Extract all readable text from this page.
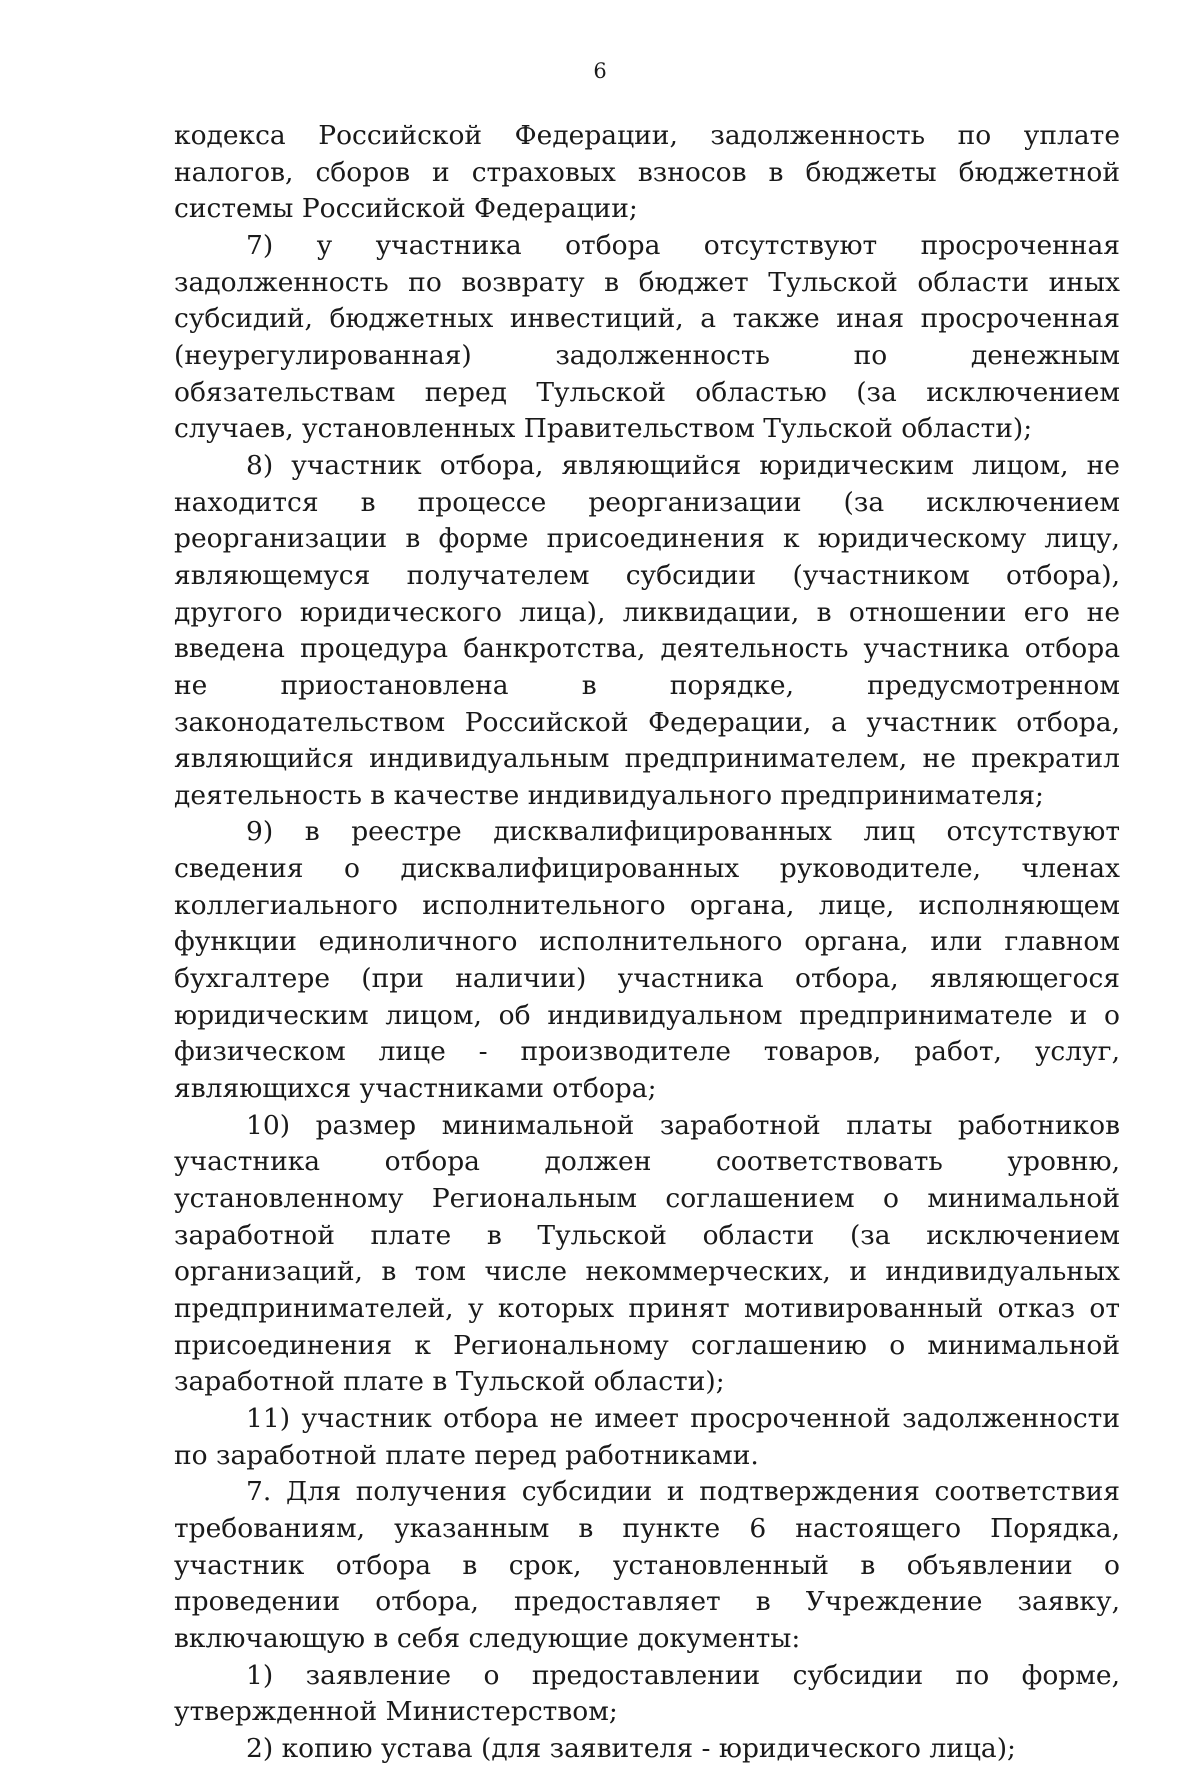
6

кодекса Российской Федерации, задолженность по уплате налогов, сборов и страховых взносов в бюджеты бюджетной системы Российской Федерации;

7) у участника отбора отсутствуют просроченная задолженность по возврату в бюджет Тульской области иных субсидий, бюджетных инвестиций, а также иная просроченная (неурегулированная) задолженность по денежным обязательствам перед Тульской областью (за исключением случаев, установленных Правительством Тульской области);

8) участник отбора, являющийся юридическим лицом, не находится в процессе реорганизации (за исключением реорганизации в форме присоединения к юридическому лицу, являющемуся получателем субсидии (участником отбора), другого юридического лица), ликвидации, в отношении его не введена процедура банкротства, деятельность участника отбора не приостановлена в порядке, предусмотренном законодательством Российской Федерации, а участник отбора, являющийся индивидуальным предпринимателем, не прекратил деятельность в качестве индивидуального предпринимателя;

9) в реестре дисквалифицированных лиц отсутствуют сведения о дисквалифицированных руководителе, членах коллегиального исполнительного органа, лице, исполняющем функции единоличного исполнительного органа, или главном бухгалтере (при наличии) участника отбора, являющегося юридическим лицом, об индивидуальном предпринимателе и о физическом лице - производителе товаров, работ, услуг, являющихся участниками отбора;

10) размер минимальной заработной платы работников участника отбора должен соответствовать уровню, установленному Региональным соглашением о минимальной заработной плате в Тульской области (за исключением организаций, в том числе некоммерческих, и индивидуальных предпринимателей, у которых принят мотивированный отказ от присоединения к Региональному соглашению о минимальной заработной плате в Тульской области);

11) участник отбора не имеет просроченной задолженности по заработной плате перед работниками.

7. Для получения субсидии и подтверждения соответствия требованиям, указанным в пункте 6 настоящего Порядка, участник отбора в срок, установленный в объявлении о проведении отбора, предоставляет в Учреждение заявку, включающую в себя следующие документы:

1) заявление о предоставлении субсидии по форме, утвержденной Министерством;

2) копию устава (для заявителя - юридического лица);
